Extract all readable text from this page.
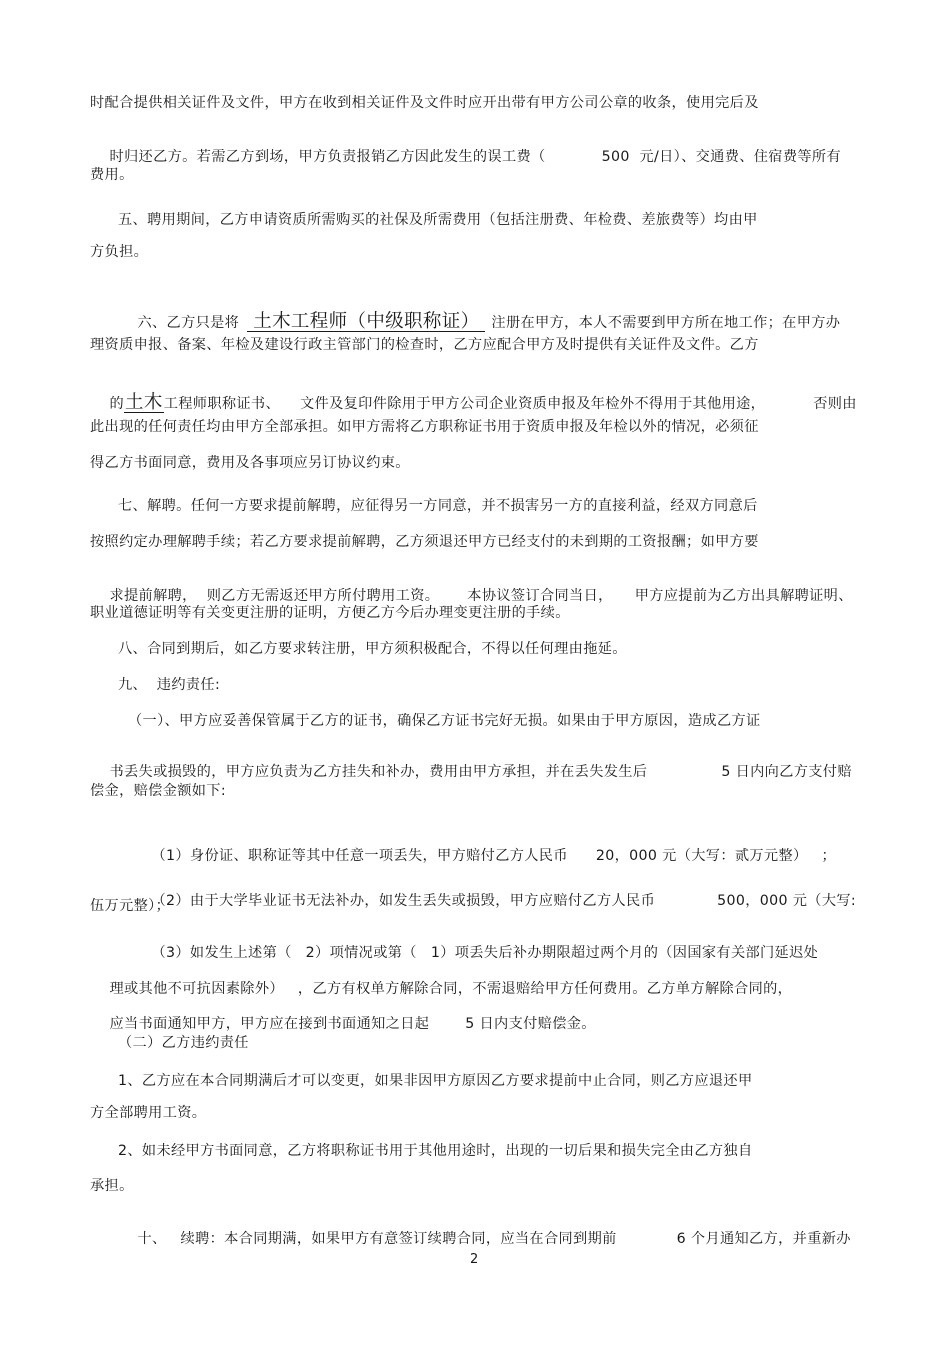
时配合提供相关证件及文件，甲方在收到相关证件及文件时应开出带有甲方公司公章的收条，使用完后及

时归还乙方。若需乙方到场，甲方负责报销乙方因此发生的误工费（	500  元/日）、交通费、住宿费等所有

费用。
五、聘用期间，乙方申请资质所需购买的社保及所需费用（包括注册费、年检费、差旅费等）均由甲
方负担。

六、乙方只是将 土木工程师（中级职称证） 注册在甲方，本人不需要到甲方所在地工作；在甲方办

理资质申报、备案、年检及建设行政主管部门的检查时，乙方应配合甲方及时提供有关证件及文件。乙方

的土木工程师职称证书、 文件及复印件除用于甲方公司企业资质申报及年检外不得用于其他用途，	否则由

此出现的任何责任均由甲方全部承担。如甲方需将乙方职称证书用于资质申报及年检以外的情况，必须征
得乙方书面同意，费用及各事项应另订协议约束。
七、解聘。任何一方要求提前解聘，应征得另一方同意，并不损害另一方的直接利益，经双方同意后
按照约定办理解聘手续；若乙方要求提前解聘，乙方须退还甲方已经支付的未到期的工资报酬；如甲方要

求提前解聘， 则乙方无需返还甲方所付聘用工资。 本协议签订合同当日， 甲方应提前为乙方出具解聘证明、

职业道德证明等有关变更注册的证明，方便乙方今后办理变更注册的手续。
八、合同到期后，如乙方要求转注册，甲方须积极配合，不得以任何理由拖延。
九、  违约责任:
（一）、甲方应妥善保管属于乙方的证书，确保乙方证书完好无损。如果由于甲方原因，造成乙方证

书丢失或损毁的，甲方应负责为乙方挂失和补办，费用由甲方承担，并在丢失发生后	5 日内向乙方支付赔

偿金，赔偿金额如下:

（1）身份证、职称证等其中任意一项丢失，甲方赔付乙方人民币 20，000 元（大写：贰万元整） ；

（2）由于大学毕业证书无法补办，如发生丢失或损毁，甲方应赔付乙方人民币	500，000 元（大写:

伍万元整）；

（3）如发生上述第（ 2）项情况或第（ 1）项丢失后补办期限超过两个月的（因国家有关部门延迟处

理或其他不可抗因素除外） ，乙方有权单方解除合同，不需退赔给甲方任何费用。乙方单方解除合同的，

应当书面通知甲方，甲方应在接到书面通知之日起	5 日内支付赔偿金。

（二）乙方违约责任
1、乙方应在本合同期满后才可以变更，如果非因甲方原因乙方要求提前中止合同，则乙方应退还甲
方全部聘用工资。
2、如未经甲方书面同意，乙方将职称证书用于其他用途时，出现的一切后果和损失完全由乙方独自
承担。

十、 续聘：本合同期满，如果甲方有意签订续聘合同，应当在合同到期前	6 个月通知乙方，并重新办

2
